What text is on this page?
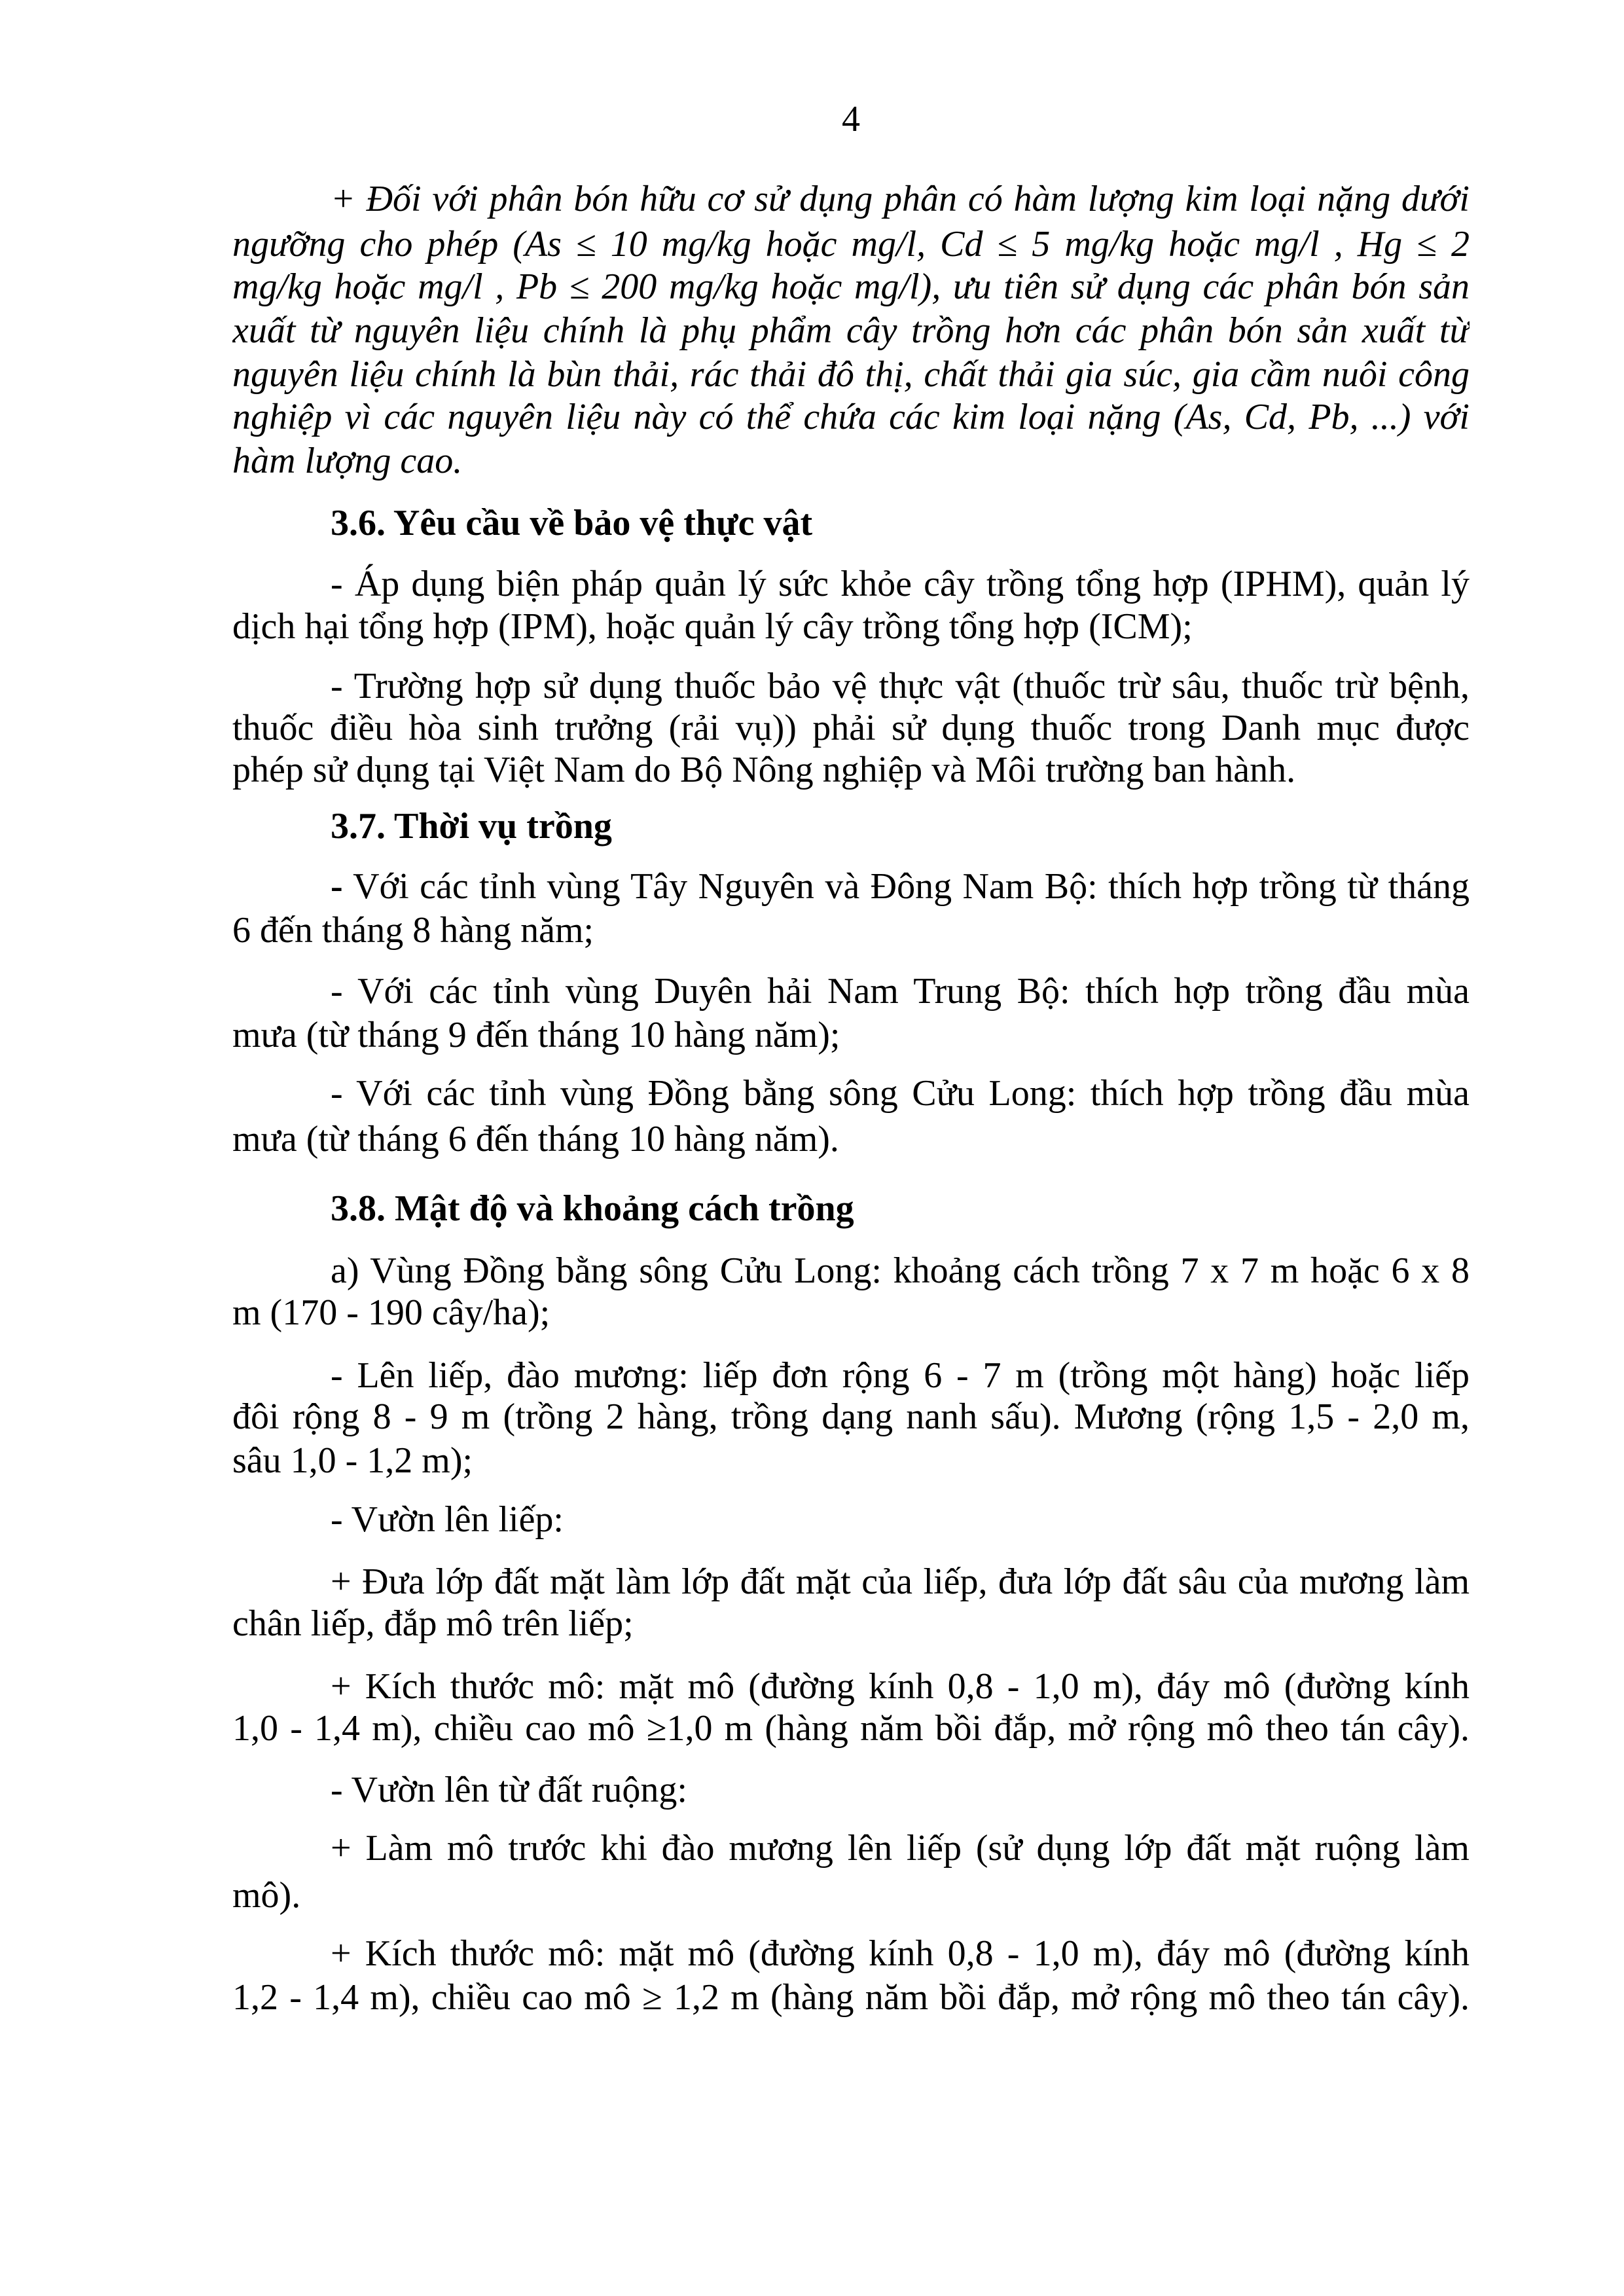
4
+ Đối với phân bón hữu cơ sử dụng phân có hàm lượng kim loại nặng dưới
ngưỡng cho phép (As ≤ 10 mg/kg hoặc mg/l, Cd ≤ 5 mg/kg hoặc mg/l , Hg ≤ 2
mg/kg hoặc mg/l , Pb ≤ 200 mg/kg hoặc mg/l), ưu tiên sử dụng các phân bón sản
xuất từ nguyên liệu chính là phụ phẩm cây trồng hơn các phân bón sản xuất từ
nguyên liệu chính là bùn thải, rác thải đô thị, chất thải gia súc, gia cầm nuôi công
nghiệp vì các nguyên liệu này có thể chứa các kim loại nặng (As, Cd, Pb, ...) với
hàm lượng cao.
3.6. Yêu cầu về bảo vệ thực vật
- Áp dụng biện pháp quản lý sức khỏe cây trồng tổng hợp (IPHM), quản lý
dịch hại tổng hợp (IPM), hoặc quản lý cây trồng tổng hợp (ICM);
- Trường hợp sử dụng thuốc bảo vệ thực vật (thuốc trừ sâu, thuốc trừ bệnh,
thuốc điều hòa sinh trưởng (rải vụ)) phải sử dụng thuốc trong Danh mục được
phép sử dụng tại Việt Nam do Bộ Nông nghiệp và Môi trường ban hành.
3.7. Thời vụ trồng
- Với các tỉnh vùng Tây Nguyên và Đông Nam Bộ: thích hợp trồng từ tháng
6 đến tháng 8 hàng năm;
- Với các tỉnh vùng Duyên hải Nam Trung Bộ: thích hợp trồng đầu mùa
mưa (từ tháng 9 đến tháng 10 hàng năm);
- Với các tỉnh vùng Đồng bằng sông Cửu Long: thích hợp trồng đầu mùa
mưa (từ tháng 6 đến tháng 10 hàng năm).
3.8. Mật độ và khoảng cách trồng
a) Vùng Đồng bằng sông Cửu Long: khoảng cách trồng 7 x 7 m hoặc 6 x 8
m (170 - 190 cây/ha);
- Lên liếp, đào mương: liếp đơn rộng 6 - 7 m (trồng một hàng) hoặc liếp
đôi rộng 8 - 9 m (trồng 2 hàng, trồng dạng nanh sấu). Mương (rộng 1,5 - 2,0 m,
sâu 1,0 - 1,2 m);
- Vườn lên liếp:
+ Đưa lớp đất mặt làm lớp đất mặt của liếp, đưa lớp đất sâu của mương làm
chân liếp, đắp mô trên liếp;
+ Kích thước mô: mặt mô (đường kính 0,8 - 1,0 m), đáy mô (đường kính
1,0 - 1,4 m), chiều cao mô ≥1,0 m (hàng năm bồi đắp, mở rộng mô theo tán cây).
- Vườn lên từ đất ruộng:
+ Làm mô trước khi đào mương lên liếp (sử dụng lớp đất mặt ruộng làm
mô).
+ Kích thước mô: mặt mô (đường kính 0,8 - 1,0 m), đáy mô (đường kính
1,2 - 1,4 m), chiều cao mô ≥ 1,2 m (hàng năm bồi đắp, mở rộng mô theo tán cây).
